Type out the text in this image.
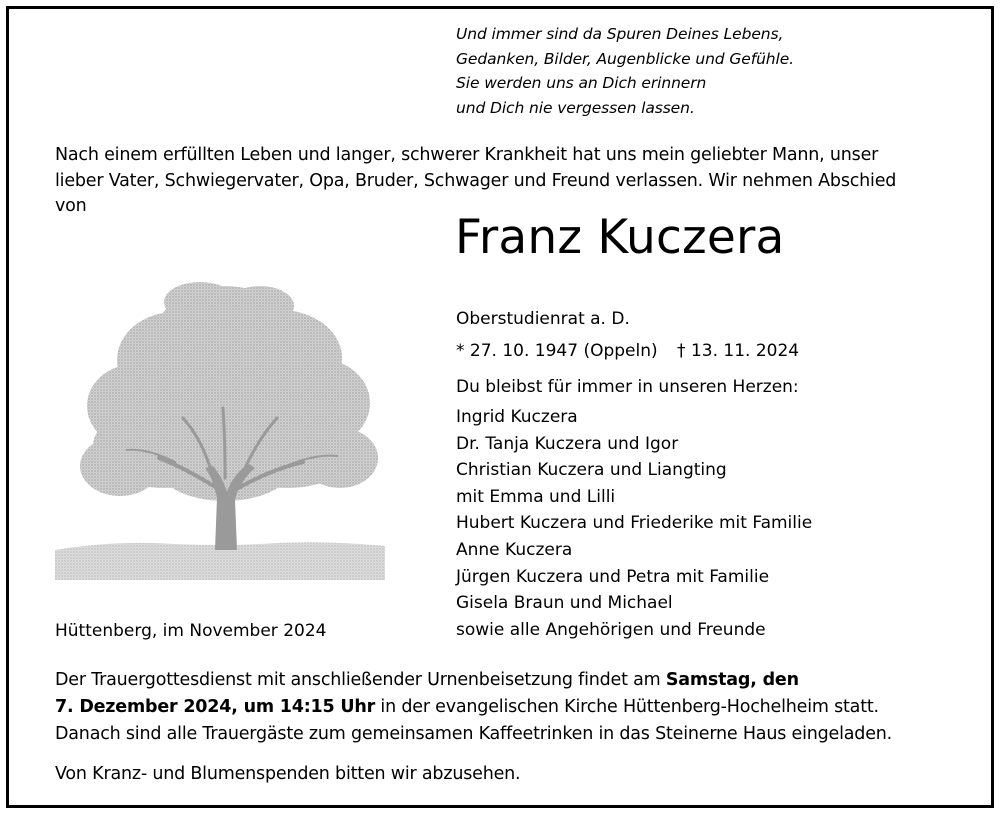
Und immer sind da Spuren Deines Lebens,
Gedanken, Bilder, Augenblicke und Gefühle.
Sie werden uns an Dich erinnern
und Dich nie vergessen lassen.
Nach einem erfüllten Leben und langer, schwerer Krankheit hat uns mein geliebter Mann, unser
lieber Vater, Schwiegervater, Opa, Bruder, Schwager und Freund verlassen. Wir nehmen Abschied
von
Franz Kuczera
Oberstudienrat a. D.
* 27. 10. 1947 (Oppeln) † 13. 11. 2024
Du bleibst für immer in unseren Herzen:
Ingrid Kuczera
Dr. Tanja Kuczera und Igor
Christian Kuczera und Liangting
mit Emma und Lilli
Hubert Kuczera und Friederike mit Familie
Anne Kuczera
Jürgen Kuczera und Petra mit Familie
Gisela Braun und Michael
sowie alle Angehörigen und Freunde
Hüttenberg, im November 2024
Der Trauergottesdienst mit anschließender Urnenbeisetzung findet am Samstag, den
7. Dezember 2024, um 14:15 Uhr in der evangelischen Kirche Hüttenberg-Hochelheim statt.
Danach sind alle Trauergäste zum gemeinsamen Kaffeetrinken in das Steinerne Haus eingeladen.
Von Kranz- und Blumenspenden bitten wir abzusehen.
